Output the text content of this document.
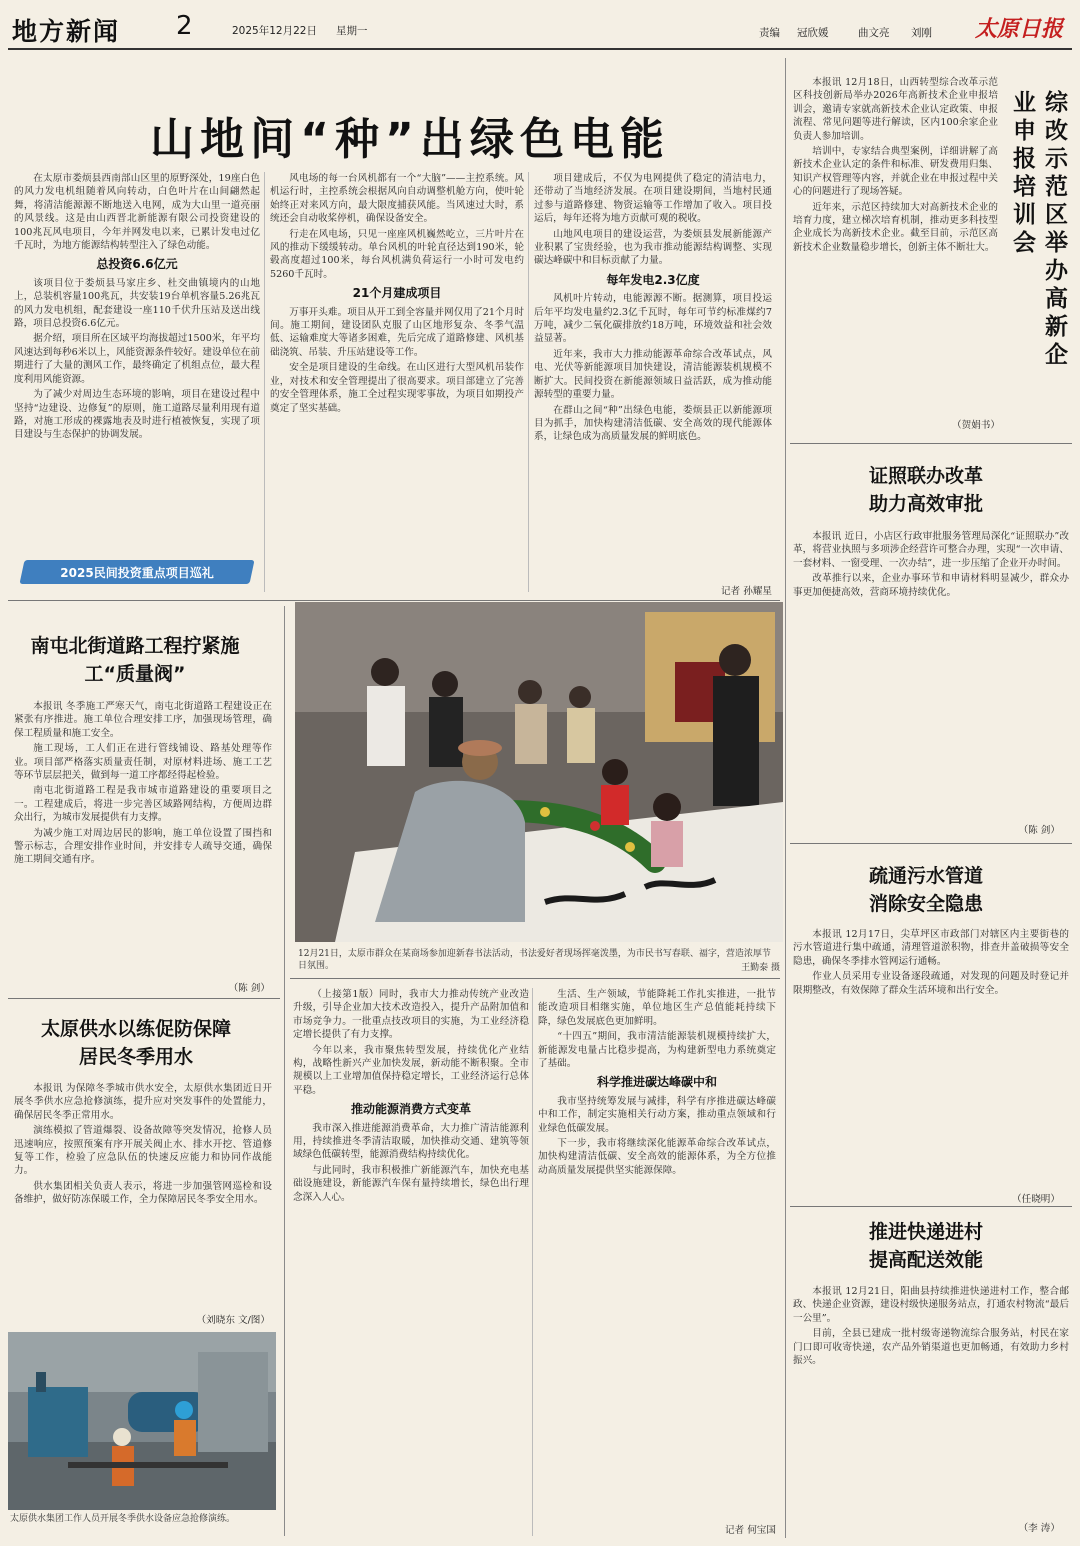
地方新闻 2	2025年12月22日 星期一	责编 冠欣媛	曲文亮 刘刚 太原日报
山地间“种”出绿色电能

在太原市娄烦县西南部山区里的原野深处，19座白色的风力发电机组随着风向转动，白色叶片在山间翩然起舞，将清洁能源源不断地送入电网，成为大山里一道亮丽的风景线。这是由山西晋北新能源有限公司投资建设的100兆瓦风电项目，今年并网发电以来，已累计发电过亿千瓦时，为地方能源结构转型注入了绿色动能。

总投资6.6亿元

该项目位于娄烦县马家庄乡、杜交曲镇境内的山地上，总装机容量100兆瓦，共安装19台单机容量5.26兆瓦的风力发电机组，配套建设一座110千伏升压站及送出线路，项目总投资6.6亿元。

据介绍，项目所在区域平均海拔超过1500米，年平均风速达到每秒6米以上，风能资源条件较好。建设单位在前期进行了大量的测风工作，最终确定了机组点位，最大程度利用风能资源。

为了减少对周边生态环境的影响，项目在建设过程中坚持“边建设、边修复”的原则，施工道路尽量利用现有道路，对施工形成的裸露地表及时进行植被恢复，实现了项目建设与生态保护的协调发展。

2025民间投资重点项目巡礼

风电场的每一台风机都有一个“大脑”——主控系统。风机运行时，主控系统会根据风向自动调整机舱方向，使叶轮始终正对来风方向，最大限度捕获风能。当风速过大时，系统还会自动收桨停机，确保设备安全。

行走在风电场，只见一座座风机巍然屹立，三片叶片在风的推动下缓缓转动。单台风机的叶轮直径达到190米，轮毂高度超过100米，每台风机满负荷运行一小时可发电约5260千瓦时。

21个月建成项目

万事开头难。项目从开工到全容量并网仅用了21个月时间。施工期间，建设团队克服了山区地形复杂、冬季气温低、运输难度大等诸多困难，先后完成了道路修建、风机基础浇筑、吊装、升压站建设等工作。

安全是项目建设的生命线。在山区进行大型风机吊装作业，对技术和安全管理提出了很高要求。项目部建立了完善的安全管理体系，施工全过程实现零事故，为项目如期投产奠定了坚实基础。

项目建成后，不仅为电网提供了稳定的清洁电力，还带动了当地经济发展。在项目建设期间，当地村民通过参与道路修建、物资运输等工作增加了收入。项目投运后，每年还将为地方贡献可观的税收。

山地风电项目的建设运营，为娄烦县发展新能源产业积累了宝贵经验，也为我市推动能源结构调整、实现碳达峰碳中和目标贡献了力量。

每年发电2.3亿度

风机叶片转动，电能源源不断。据测算，项目投运后年平均发电量约2.3亿千瓦时，每年可节约标准煤约7万吨，减少二氧化碳排放约18万吨，环境效益和社会效益显著。

近年来，我市大力推动能源革命综合改革试点，风电、光伏等新能源项目加快建设，清洁能源装机规模不断扩大。民间投资在新能源领域日益活跃，成为推动能源转型的重要力量。

在群山之间“种”出绿色电能，娄烦县正以新能源项目为抓手，加快构建清洁低碳、安全高效的现代能源体系，让绿色成为高质量发展的鲜明底色。

记者 孙耀星

本报讯 12月18日，山西转型综合改革示范区科技创新局举办2026年高新技术企业申报培训会，邀请专家就高新技术企业认定政策、申报流程、常见问题等进行解读，区内100余家企业负责人参加培训。

培训中，专家结合典型案例，详细讲解了高新技术企业认定的条件和标准、研发费用归集、知识产权管理等内容，并就企业在申报过程中关心的问题进行了现场答疑。

近年来，示范区持续加大对高新技术企业的培育力度，建立梯次培育机制，推动更多科技型企业成长为高新技术企业。截至目前，示范区高新技术企业数量稳步增长，创新主体不断壮大。

（贺娟书）
综改示范区举办高新企业申报培训会
证照联办改革助力高效审批

本报讯 近日，小店区行政审批服务管理局深化“证照联办”改革，将营业执照与多项涉企经营许可整合办理，实现“一次申请、一套材料、一窗受理、一次办结”，进一步压缩了企业开办时间。

改革推行以来，企业办事环节和申请材料明显减少，群众办事更加便捷高效，营商环境持续优化。

（陈 剑）
疏通污水管道消除安全隐患

本报讯 12月17日，尖草坪区市政部门对辖区内主要街巷的污水管道进行集中疏通，清理管道淤积物，排查井盖破损等安全隐患，确保冬季排水管网运行通畅。

作业人员采用专业设备逐段疏通，对发现的问题及时登记并限期整改，有效保障了群众生活环境和出行安全。

（任晓明）
推进快递进村提高配送效能

本报讯 12月21日，阳曲县持续推进快递进村工作，整合邮政、快递企业资源，建设村级快递服务站点，打通农村物流“最后一公里”。

目前，全县已建成一批村级寄递物流综合服务站，村民在家门口即可收寄快递，农产品外销渠道也更加畅通，有效助力乡村振兴。

（李 涛）
南屯北街道路工程拧紧施工“质量阀”

本报讯 冬季施工严寒天气，南屯北街道路工程建设正在紧张有序推进。施工单位合理安排工序，加强现场管理，确保工程质量和施工安全。

施工现场，工人们正在进行管线铺设、路基处理等作业。项目部严格落实质量责任制，对原材料进场、施工工艺等环节层层把关，做到每一道工序都经得起检验。

南屯北街道路工程是我市城市道路建设的重要项目之一。工程建成后，将进一步完善区域路网结构，方便周边群众出行，为城市发展提供有力支撑。

为减少施工对周边居民的影响，施工单位设置了围挡和警示标志，合理安排作业时间，并安排专人疏导交通，确保施工期间交通有序。

（陈 剑）
太原供水以练促防保障居民冬季用水

本报讯 为保障冬季城市供水安全，太原供水集团近日开展冬季供水应急抢修演练，提升应对突发事件的处置能力，确保居民冬季正常用水。

演练模拟了管道爆裂、设备故障等突发情况，抢修人员迅速响应，按照预案有序开展关阀止水、排水开挖、管道修复等工作，检验了应急队伍的快速反应能力和协同作战能力。

供水集团相关负责人表示，将进一步加强管网巡检和设备维护，做好防冻保暖工作，全力保障居民冬季安全用水。

（刘晓东 文/图）
太原供水集团工作人员开展冬季供水设备应急抢修演练。
12月21日，太原市群众在某商场参加迎新春书法活动，书法爱好者现场挥毫泼墨，为市民书写春联、福字，营造浓厚节日氛围。	王勤泰 摄

（上接第1版）同时，我市大力推动传统产业改造升级，引导企业加大技术改造投入，提升产品附加值和市场竞争力。一批重点技改项目的实施，为工业经济稳定增长提供了有力支撑。

今年以来，我市聚焦转型发展，持续优化产业结构，战略性新兴产业加快发展，新动能不断积聚。全市规模以上工业增加值保持稳定增长，工业经济运行总体平稳。

推动能源消费方式变革

我市深入推进能源消费革命，大力推广清洁能源利用，持续推进冬季清洁取暖，加快推动交通、建筑等领域绿色低碳转型，能源消费结构持续优化。

与此同时，我市积极推广新能源汽车，加快充电基础设施建设，新能源汽车保有量持续增长，绿色出行理念深入人心。

生活、生产领域，节能降耗工作扎实推进，一批节能改造项目相继实施，单位地区生产总值能耗持续下降，绿色发展底色更加鲜明。

“十四五”期间，我市清洁能源装机规模持续扩大，新能源发电量占比稳步提高，为构建新型电力系统奠定了基础。

科学推进碳达峰碳中和

我市坚持统筹发展与减排，科学有序推进碳达峰碳中和工作，制定实施相关行动方案，推动重点领域和行业绿色低碳发展。

下一步，我市将继续深化能源革命综合改革试点，加快构建清洁低碳、安全高效的能源体系，为全方位推动高质量发展提供坚实能源保障。

记者 何宝国
